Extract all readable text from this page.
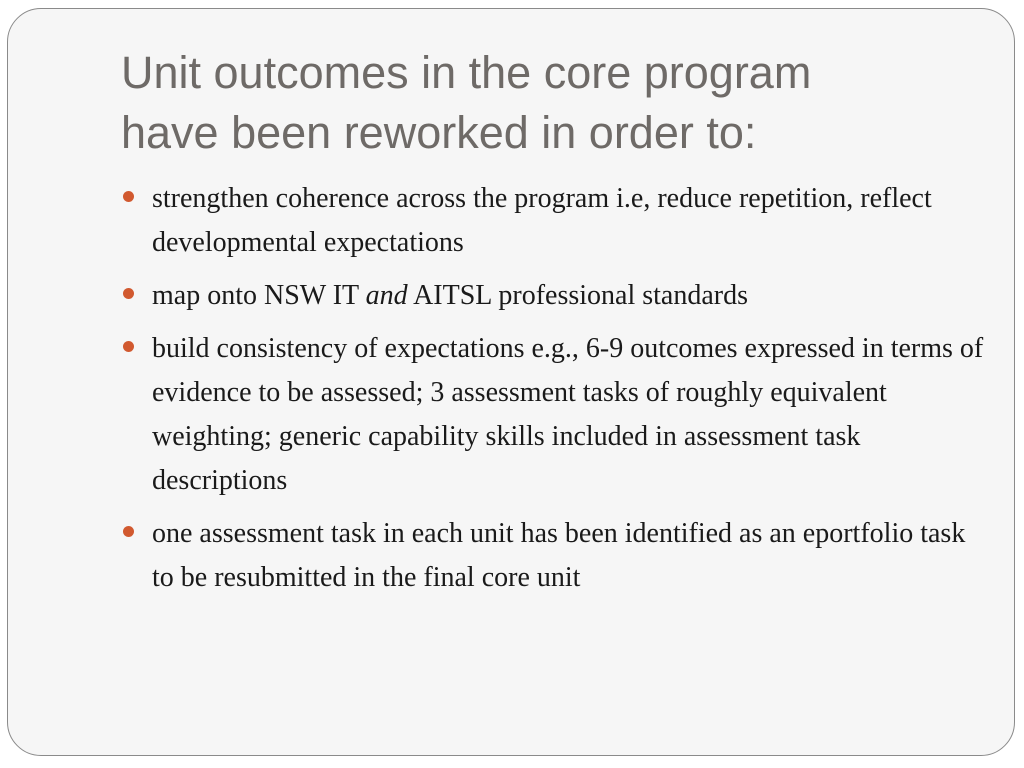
Unit outcomes in the core program
have been reworked in order to:
strengthen coherence across the program i.e, reduce repetition, reflect developmental expectations
map onto NSW IT and AITSL professional standards
build consistency of expectations e.g., 6-9 outcomes expressed in terms of evidence to be assessed; 3 assessment tasks of roughly equivalent weighting; generic capability skills included in assessment task descriptions
one assessment task in each unit has been identified as an eportfolio task to be resubmitted in the final core unit
